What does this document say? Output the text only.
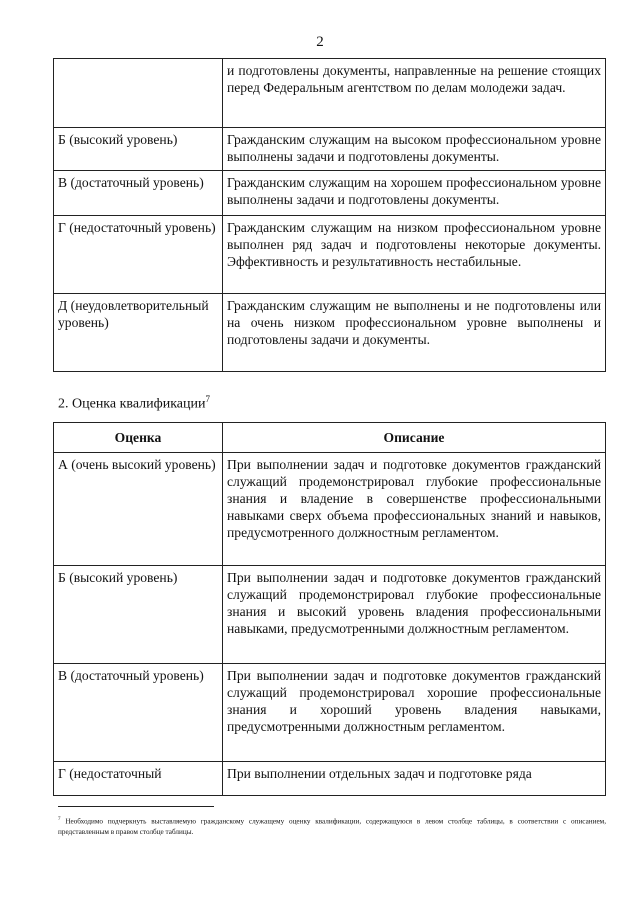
2
	и подготовлены документы, направленные на решение стоящих перед Федеральным агентством по делам молодежи задач.
Б (высокий уровень)	Гражданским служащим на высоком профессиональном уровне выполнены задачи и подготовлены документы.
В (достаточный уровень)	Гражданским служащим на хорошем профессиональном уровне выполнены задачи и подготовлены документы.
Г (недостаточный уровень)	Гражданским служащим на низком профессиональном уровне выполнен ряд задач и подготовлены некоторые документы. Эффективность и результативность нестабильные.
Д (неудовлетворительный уровень)	Гражданским служащим не выполнены и не подготовлены или на очень низком профессиональном уровне выполнены и подготовлены задачи и документы.
2. Оценка квалификации$^7$
Оценка	Описание
А (очень высокий уровень)	При выполнении задач и подготовке документов гражданский служащий продемонстрировал глубокие профессиональные знания и владение в совершенстве профессиональными навыками сверх объема профессиональных знаний и навыков, предусмотренного должностным регламентом.
Б (высокий уровень)	При выполнении задач и подготовке документов гражданский служащий продемонстрировал глубокие профессиональные знания и высокий уровень владения профессиональными навыками, предусмотренными должностным регламентом.
В (достаточный уровень)	При выполнении задач и подготовке документов гражданский служащий продемонстрировал хорошие профессиональные знания и хороший уровень владения навыками, предусмотренными должностным регламентом.
Г (недостаточный	При выполнении отдельных задач и подготовке ряда
$^7$ Необходимо подчеркнуть выставляемую гражданскому служащему оценку квалификации, содержащуюся в левом столбце таблицы, в соответствии с описанием, представленным в правом столбце таблицы.
